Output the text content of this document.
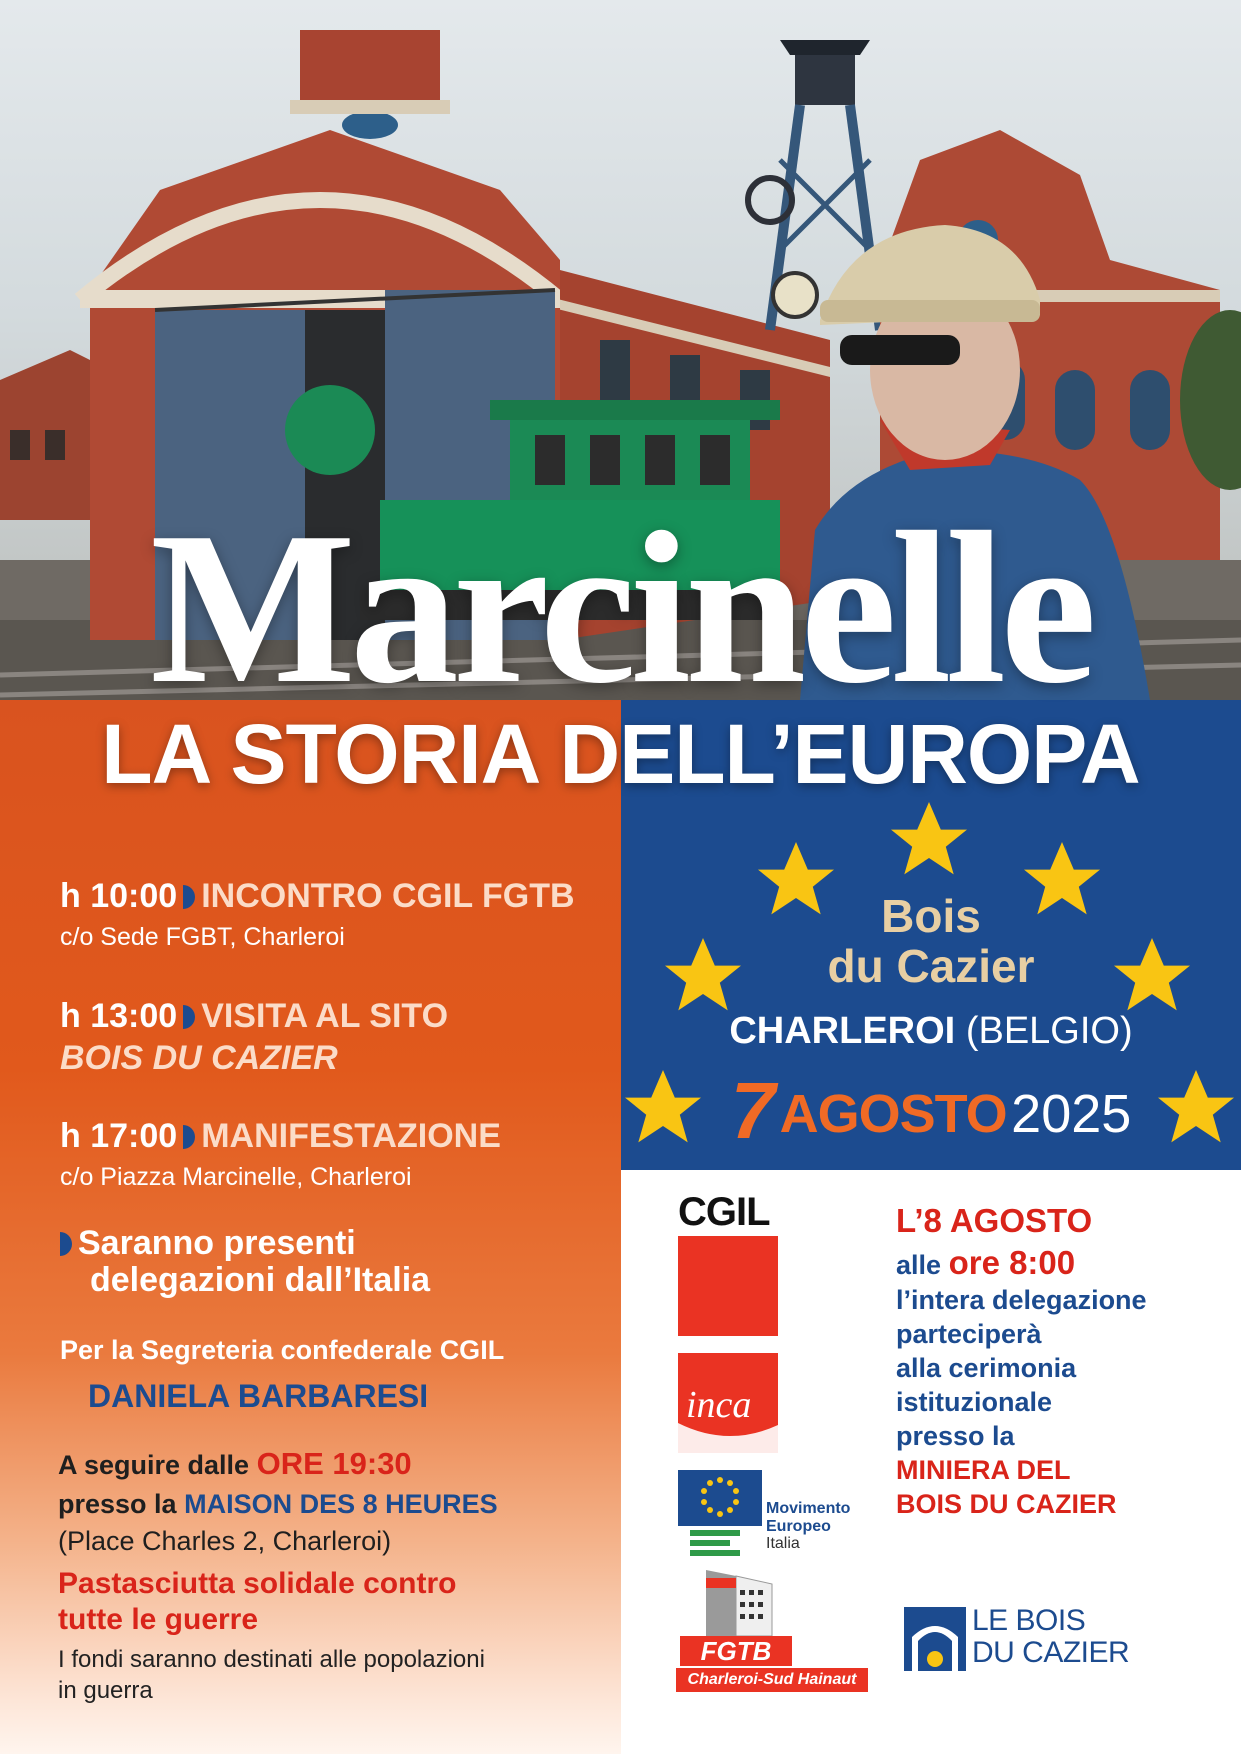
Marcinelle
LA STORIA DELL’EUROPA
h 10:00 INCONTRO CGIL FGTB
c/o Sede FGBT, Charleroi
h 13:00 VISITA AL SITO
BOIS DU CAZIER
h 17:00 MANIFESTAZIONE
c/o Piazza Marcinelle, Charleroi
Saranno presenti
delegazioni dall’Italia
Per la Segreteria confederale CGIL
DANIELA BARBARESI
A seguire dalle ORE 19:30
presso la MAISON DES 8 HEURES
(Place Charles 2, Charleroi)
Pastasciutta solidale contro
tutte le guerre
I fondi saranno destinati alle popolazioni
in guerra
Bois
du Cazier
CHARLEROI (BELGIO)
7 AGOSTO 2025
CGIL
inca
Movimento
Europeo
Italia
FGTB
Charleroi-Sud Hainaut
L’8 AGOSTO
alle ore 8:00
l’intera delegazione
parteciperà
alla cerimonia
istituzionale
presso la
MINIERA DEL
BOIS DU CAZIER
LE BOIS
DU CAZIER
